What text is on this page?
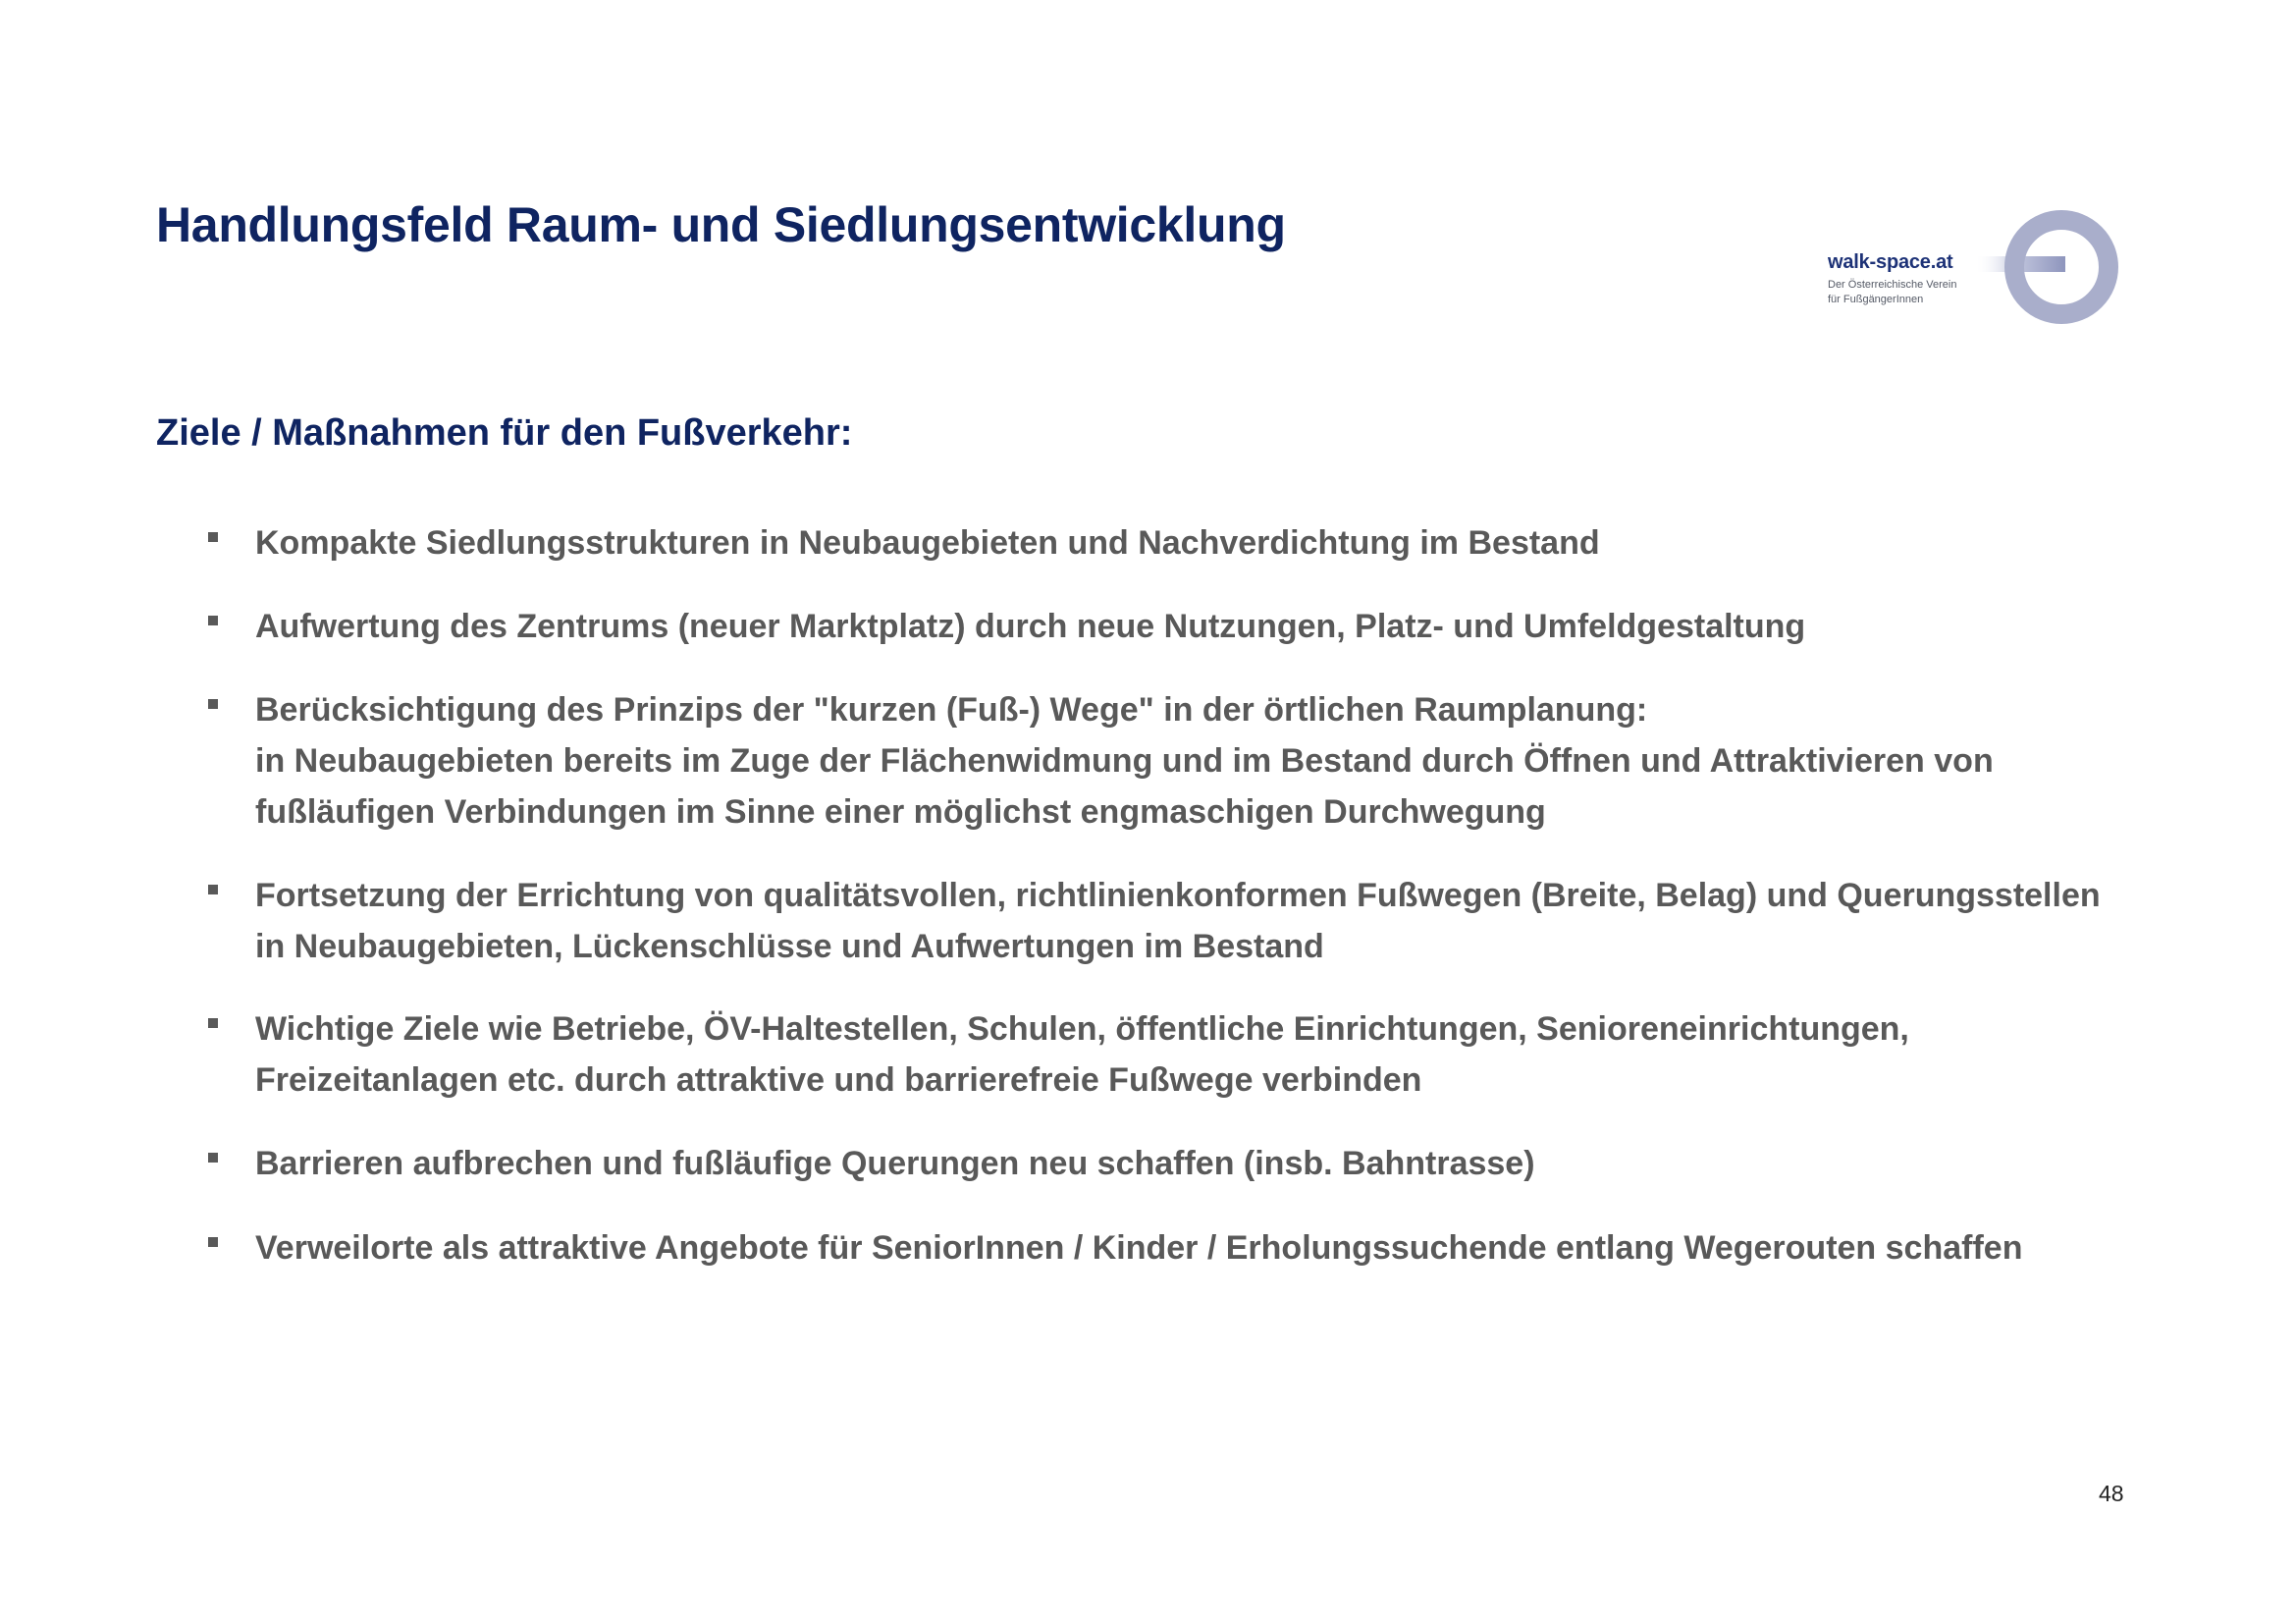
Handlungsfeld Raum- und Siedlungsentwicklung
walk-space.at
Der Österreichische Verein
für FußgängerInnen
Ziele / Maßnahmen für den Fußverkehr:

Kompakte Siedlungsstrukturen in Neubaugebieten und Nachverdichtung im Bestand

Aufwertung des Zentrums (neuer Marktplatz) durch neue Nutzungen, Platz- und Umfeldgestaltung

Berücksichtigung des Prinzips der "kurzen (Fuß-) Wege" in der örtlichen Raumplanung:
in Neubaugebieten bereits im Zuge der Flächenwidmung und im Bestand durch Öffnen und Attraktivieren von
fußläufigen Verbindungen im Sinne einer möglichst engmaschigen Durchwegung

Fortsetzung der Errichtung von qualitätsvollen, richtlinienkonformen Fußwegen (Breite, Belag) und Querungsstellen
in Neubaugebieten, Lückenschlüsse und Aufwertungen im Bestand

Wichtige Ziele wie Betriebe, ÖV-Haltestellen, Schulen, öffentliche Einrichtungen, Senioreneinrichtungen,
Freizeitanlagen etc. durch attraktive und barrierefreie Fußwege verbinden

Barrieren aufbrechen und fußläufige Querungen neu schaffen (insb. Bahntrasse)

Verweilorte als attraktive Angebote für SeniorInnen / Kinder / Erholungssuchende entlang Wegerouten schaffen

48
